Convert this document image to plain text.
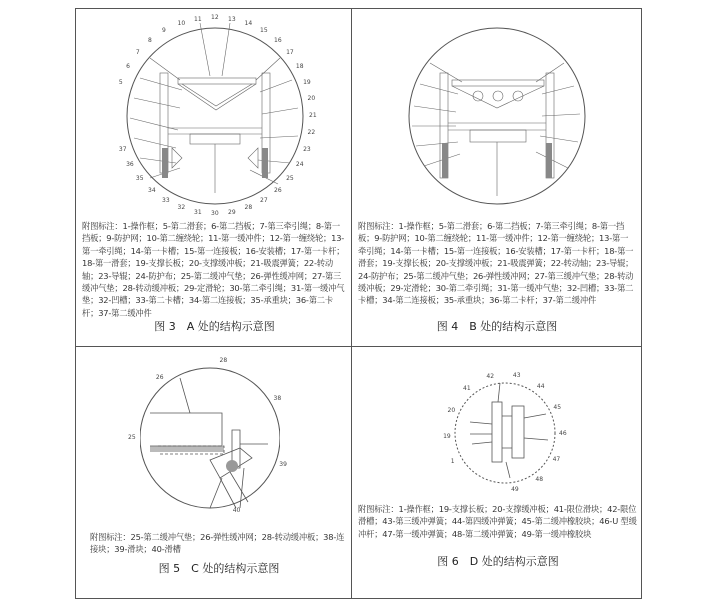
附图标注：1-操作框；5-第二滑套；6-第二挡板；7-第三牵引绳；8-第一挡板；9-防护网；10-第二缠绕轮；11-第一缓冲件；12-第一缠绕轮；13-第一牵引绳；14-第一卡槽；15-第一连接板；16-安装槽；17-第一卡杆；18-第一滑套；19-支撑长板；20-支撑缓冲板；21-吸震弹簧；22-转动轴；23-导辊；24-防护布；25-第二缓冲气垫；26-弹性缓冲网；27-第三缓冲气垫；28-转动缓冲板；29-定滑轮；30-第二牵引绳；31-第一缓冲气垫；32-凹槽；33-第二卡槽；34-第二连接板；35-承重块；36-第二卡杆；37-第二缓冲件
图 3　A 处的结构示意图
附图标注：1-操作框；5-第二滑套；6-第二挡板；7-第三牵引绳；8-第一挡板；9-防护网；10-第二缠绕轮；11-第一缓冲件；12-第一缠绕轮；13-第一牵引绳；14-第一卡槽；15-第一连接板；16-安装槽；17-第一卡杆；18-第一滑套；19-支撑长板；20-支撑缓冲板；21-吸震弹簧；22-转动轴；23-导辊；24-防护布；25-第二缓冲气垫；26-弹性缓冲网；27-第三缓冲气垫；28-转动缓冲板；29-定滑轮；30-第二牵引绳；31-第一缓冲气垫；32-凹槽；33-第二卡槽；34-第二连接板；35-承重块；36-第二卡杆；37-第二缓冲件
图 4　B 处的结构示意图
附图标注：25-第二缓冲气垫；26-弹性缓冲网；28-转动缓冲板；38-连接块；39-滑块；40-滑槽
图 5　C 处的结构示意图
附图标注：1-操作框；19-支撑长板；20-支撑缓冲板；41-限位滑块；42-限位滑槽；43-第三缓冲弹簧；44-第四缓冲弹簧；45-第二缓冲橡胶块；46-U 型缓冲杆；47-第一缓冲弹簧；48-第二缓冲弹簧；49-第一缓冲橡胶块
图 6　D 处的结构示意图
5
6
7
8
9
10
11 12 13
14
15
16
17
18
19
20
21
22
23
24
25
26
27
28
29
30
31
32
33
34
35
36
37
25
26
28
38
39
40
1
19
20
41
42	43
44
45
46
47
48
49
